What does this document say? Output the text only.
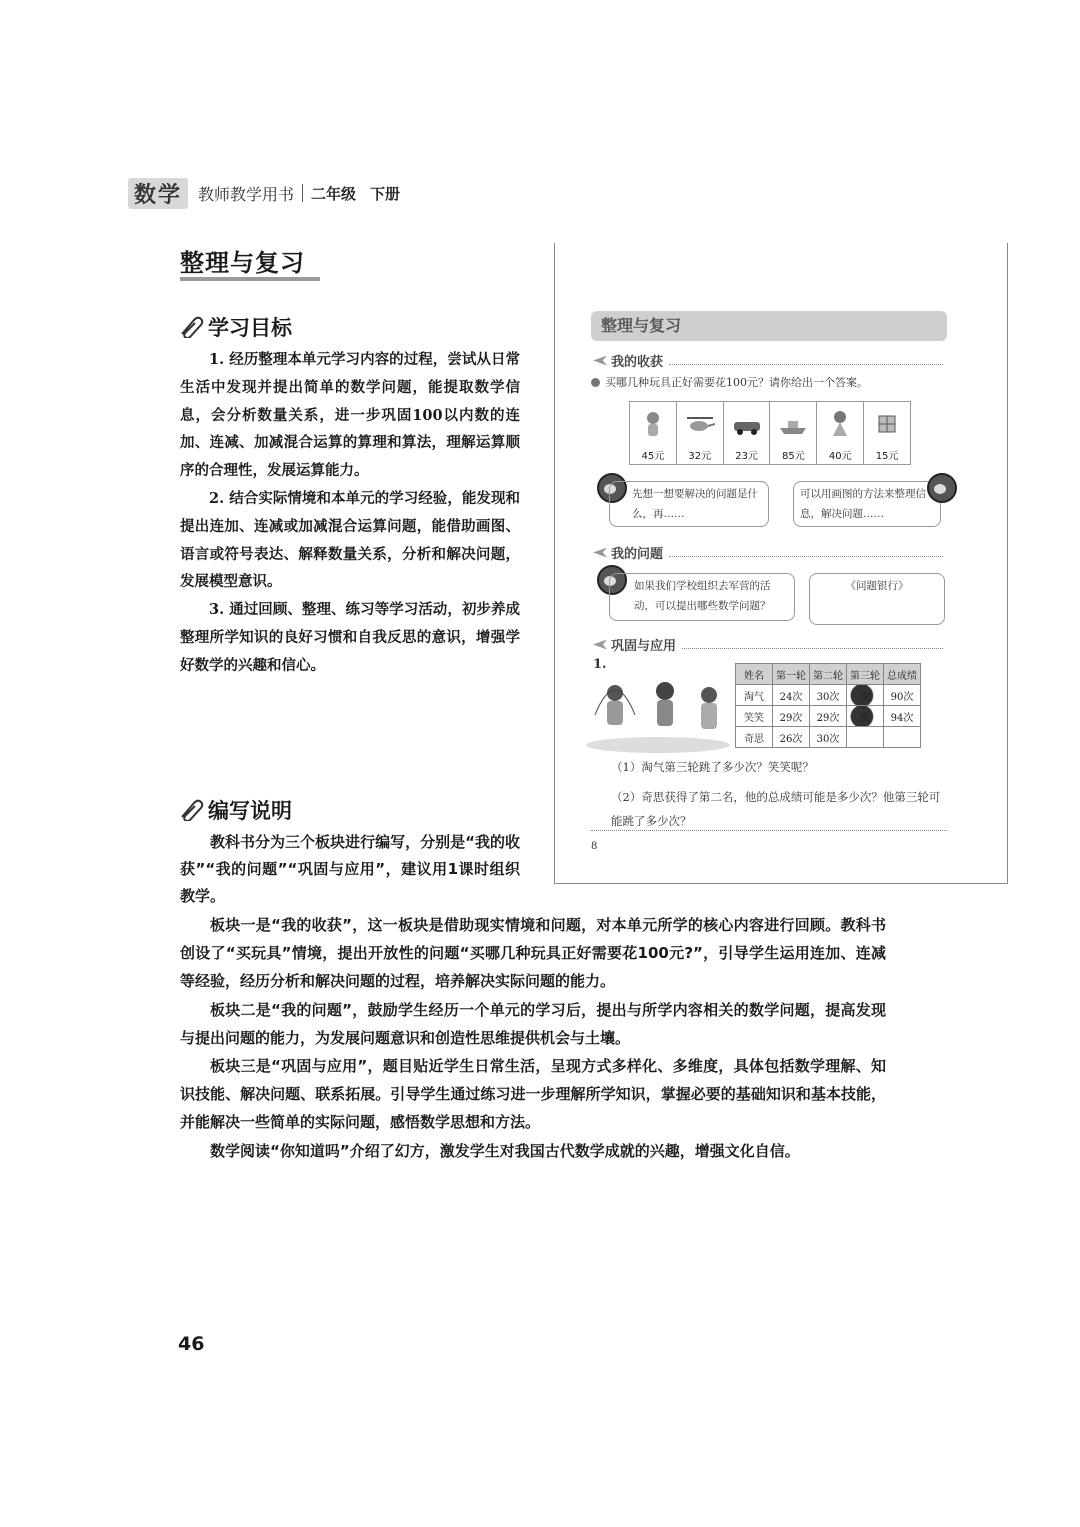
数学	教师教学用书 二年级 下册
整理与复习
学习目标

1. 经历整理本单元学习内容的过程，尝试从日常生活中发现并提出简单的数学问题，能提取数学信息，会分析数量关系，进一步巩固100以内数的连加、连减、加减混合运算的算理和算法，理解运算顺序的合理性，发展运算能力。

2. 结合实际情境和本单元的学习经验，能发现和提出连加、连减或加减混合运算问题，能借助画图、语言或符号表达、解释数量关系，分析和解决问题，发展模型意识。

3. 通过回顾、整理、练习等学习活动，初步养成整理所学知识的良好习惯和自我反思的意识，增强学好数学的兴趣和信心。

编写说明

教科书分为三个板块进行编写，分别是“我的收获”“我的问题”“巩固与应用”，建议用1课时组织教学。

板块一是“我的收获”，这一板块是借助现实情境和问题，对本单元所学的核心内容进行回顾。教科书创设了“买玩具”情境，提出开放性的问题“买哪几种玩具正好需要花100元?”，引导学生运用连加、连减等经验，经历分析和解决问题的过程，培养解决实际问题的能力。

板块二是“我的问题”，鼓励学生经历一个单元的学习后，提出与所学内容相关的数学问题，提高发现与提出问题的能力，为发展问题意识和创造性思维提供机会与土壤。

板块三是“巩固与应用”，题目贴近学生日常生活，呈现方式多样化、多维度，具体包括数学理解、知识技能、解决问题、联系拓展。引导学生通过练习进一步理解所学知识，掌握必要的基础知识和基本技能，并能解决一些简单的实际问题，感悟数学思想和方法。

数学阅读“你知道吗”介绍了幻方，激发学生对我国古代数学成就的兴趣，增强文化自信。

46
整理与复习
我的收获
买哪几种玩具正好需要花100元？请你给出一个答案。
45元	32元	23元	85元	40元	15元
先想一想要解决的问题是什么，再……
可以用画图的方法来整理信息，解决问题……
我的问题
如果我们学校组织去军营的活动，可以提出哪些数学问题？
《问题银行》
巩固与应用
1.
姓名	第一轮	第二轮	第三轮	总成绩
淘气	24次	30次	次	90次
笑笑	29次	29次	次	94次
奇思	26次	30次		
（1）淘气第三轮跳了多少次？笑笑呢？
（2）奇思获得了第二名，他的总成绩可能是多少次？他第三轮可能跳了多少次？
8
